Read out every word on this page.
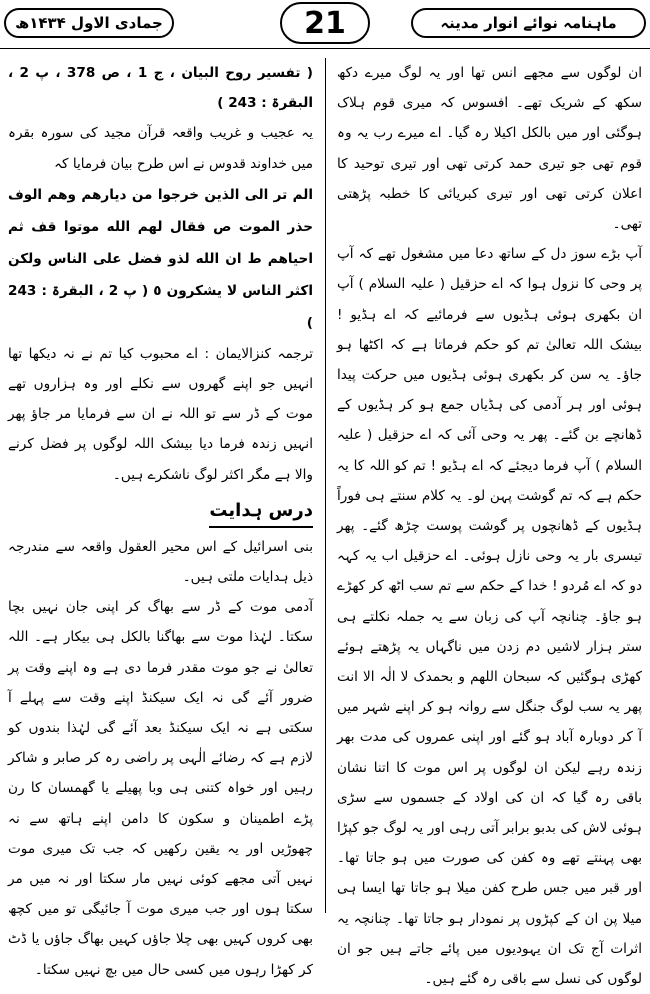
ماہنامہ نوائے انوار مدینہ
21
جمادی الاول ۱۴۳۴ھ

ان لوگوں سے مجھے انس تھا اور یہ لوگ میرے دکھ سکھ کے شریک تھے۔ افسوس کہ میری قوم ہلاک ہوگئی اور میں بالکل اکیلا رہ گیا۔ اے میرے رب یہ وہ قوم تھی جو تیری حمد کرتی تھی اور تیری توحید کا اعلان کرتی تھی اور تیری کبریائی کا خطبہ پڑھتی تھی۔

آپ بڑے سوز دل کے ساتھ دعا میں مشغول تھے کہ آپ پر وحی کا نزول ہوا کہ اے حزقیل ( علیہ السلام ) آپ ان بکھری ہوئی ہڈیوں سے فرمائیے کہ اے ہڈیو ! بیشک اللہ تعالیٰ تم کو حکم فرماتا ہے کہ اکٹھا ہو جاؤ۔ یہ سن کر بکھری ہوئی ہڈیوں میں حرکت پیدا ہوئی اور ہر آدمی کی ہڈیاں جمع ہو کر ہڈیوں کے ڈھانچے بن گئے۔ پھر یہ وحی آئی کہ اے حزقیل ( علیہ السلام ) آپ فرما دیجئے کہ اے ہڈیو ! تم کو اللہ کا یہ حکم ہے کہ تم گوشت پہن لو۔ یہ کلام سنتے ہی فوراً ہڈیوں کے ڈھانچوں پر گوشت پوست چڑھ گئے۔ پھر تیسری بار یہ وحی نازل ہوئی۔ اے حزقیل اب یہ کہہ دو کہ اے مُردو ! خدا کے حکم سے تم سب اٹھ کر کھڑے ہو جاؤ۔ چنانچہ آپ کی زبان سے یہ جملہ نکلتے ہی ستر ہزار لاشیں دم زدن میں ناگہاں یہ پڑھتے ہوئے کھڑی ہوگئیں کہ سبحان اللھم و بحمدک لا الٰہ الا انت پھر یہ سب لوگ جنگل سے روانہ ہو کر اپنے شہر میں آ کر دوبارہ آباد ہو گئے اور اپنی عمروں کی مدت بھر زندہ رہے لیکن ان لوگوں پر اس موت کا اتنا نشان باقی رہ گیا کہ ان کی اولاد کے جسموں سے سڑی ہوئی لاش کی بدبو برابر آتی رہی اور یہ لوگ جو کپڑا بھی پہنتے تھے وہ کفن کی صورت میں ہو جاتا تھا۔ اور قبر میں جس طرح کفن میلا ہو جاتا تھا ایسا ہی میلا پن ان کے کپڑوں پر نمودار ہو جاتا تھا۔ چنانچہ یہ اثرات آج تک ان یہودیوں میں پائے جاتے ہیں جو ان لوگوں کی نسل سے باقی رہ گئے ہیں۔

( تفسیر روح البیان ، ج 1 ، ص 378 ، پ 2 ، البقرۃ : 243 )

یہ عجیب و غریب واقعہ قرآن مجید کی سورہ بقرہ میں خداوند قدوس نے اس طرح بیان فرمایا کہ

الم تر الى الذين خرجوا من ديارهم وهم الوف حذر الموت ص فقال لهم الله موتوا قف ثم احياهم ط ان الله لذو فضل على الناس ولكن اكثر الناس لا يشكرون ٥ ( پ 2 ، البقرۃ : 243 )

ترجمہ کنزالایمان : اے محبوب کیا تم نے نہ دیکھا تھا انہیں جو اپنے گھروں سے نکلے اور وہ ہزاروں تھے موت کے ڈر سے تو اللہ نے ان سے فرمایا مر جاؤ پھر انہیں زندہ فرما دیا بیشک اللہ لوگوں پر فضل کرنے والا ہے مگر اکثر لوگ ناشکرے ہیں۔

درس ہدایت

بنی اسرائیل کے اس محیر العقول واقعہ سے مندرجہ ذیل ہدایات ملتی ہیں۔

آدمی موت کے ڈر سے بھاگ کر اپنی جان نہیں بچا سکتا۔ لہٰذا موت سے بھاگنا بالکل ہی بیکار ہے۔ اللہ تعالیٰ نے جو موت مقدر فرما دی ہے وہ اپنے وقت پر ضرور آئے گی نہ ایک سیکنڈ اپنے وقت سے پہلے آ سکتی ہے نہ ایک سیکنڈ بعد آئے گی لہٰذا بندوں کو لازم ہے کہ رضائے الٰہی پر راضی رہ کر صابر و شاکر رہیں اور خواہ کتنی ہی وبا پھیلے یا گھمسان کا رن پڑے اطمینان و سکون کا دامن اپنے ہاتھ سے نہ چھوڑیں اور یہ یقین رکھیں کہ جب تک میری موت نہیں آتی مجھے کوئی نہیں مار سکتا اور نہ میں مر سکتا ہوں اور جب میری موت آ جائیگی تو میں کچھ بھی کروں کہیں بھی چلا جاؤں کہیں بھاگ جاؤں یا ڈٹ کر کھڑا رہوں میں کسی حال میں بچ نہیں سکتا۔
